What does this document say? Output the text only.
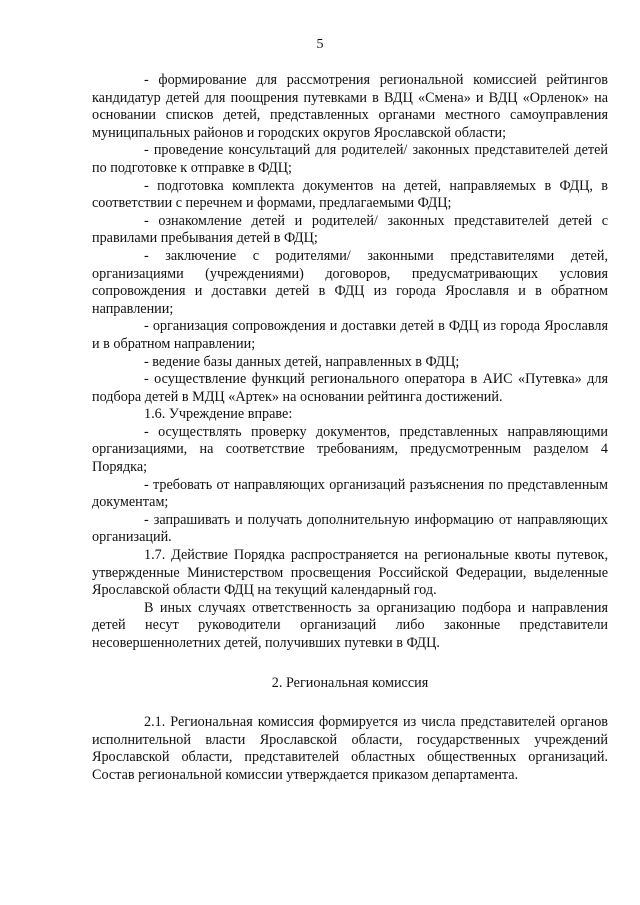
5

- формирование для рассмотрения региональной комиссией рейтингов кандидатур детей для поощрения путевками в ВДЦ «Смена» и ВДЦ «Орленок» на основании списков детей, представленных органами местного самоуправления муниципальных районов и городских округов Ярославской области;

- проведение консультаций для родителей/ законных представителей детей по подготовке к отправке в ФДЦ;

- подготовка комплекта документов на детей, направляемых в ФДЦ, в соответствии с перечнем и формами, предлагаемыми ФДЦ;

- ознакомление детей и родителей/ законных представителей детей с правилами пребывания детей в ФДЦ;

- заключение с родителями/ законными представителями детей, организациями (учреждениями) договоров, предусматривающих условия сопровождения и доставки детей в ФДЦ из города Ярославля и в обратном направлении;

- организация сопровождения и доставки детей в ФДЦ из города Ярославля и в обратном направлении;

- ведение базы данных детей, направленных в ФДЦ;

- осуществление функций регионального оператора в АИС «Путевка» для подбора детей в МДЦ «Артек» на основании рейтинга достижений.

1.6. Учреждение вправе:

- осуществлять проверку документов, представленных направляющими организациями, на соответствие требованиям, предусмотренным разделом 4 Порядка;

- требовать от направляющих организаций разъяснения по представленным документам;

- запрашивать и получать дополнительную информацию от направляющих организаций.

1.7. Действие Порядка распространяется на региональные квоты путевок, утвержденные Министерством просвещения Российской Федерации, выделенные Ярославской области ФДЦ на текущий календарный год.

В иных случаях ответственность за организацию подбора и направления детей несут руководители организаций либо законные представители несовершеннолетних детей, получивших путевки в ФДЦ.

2. Региональная комиссия

2.1. Региональная комиссия формируется из числа представителей органов исполнительной власти Ярославской области, государственных учреждений Ярославской области, представителей областных общественных организаций. Состав региональной комиссии утверждается приказом департамента.
